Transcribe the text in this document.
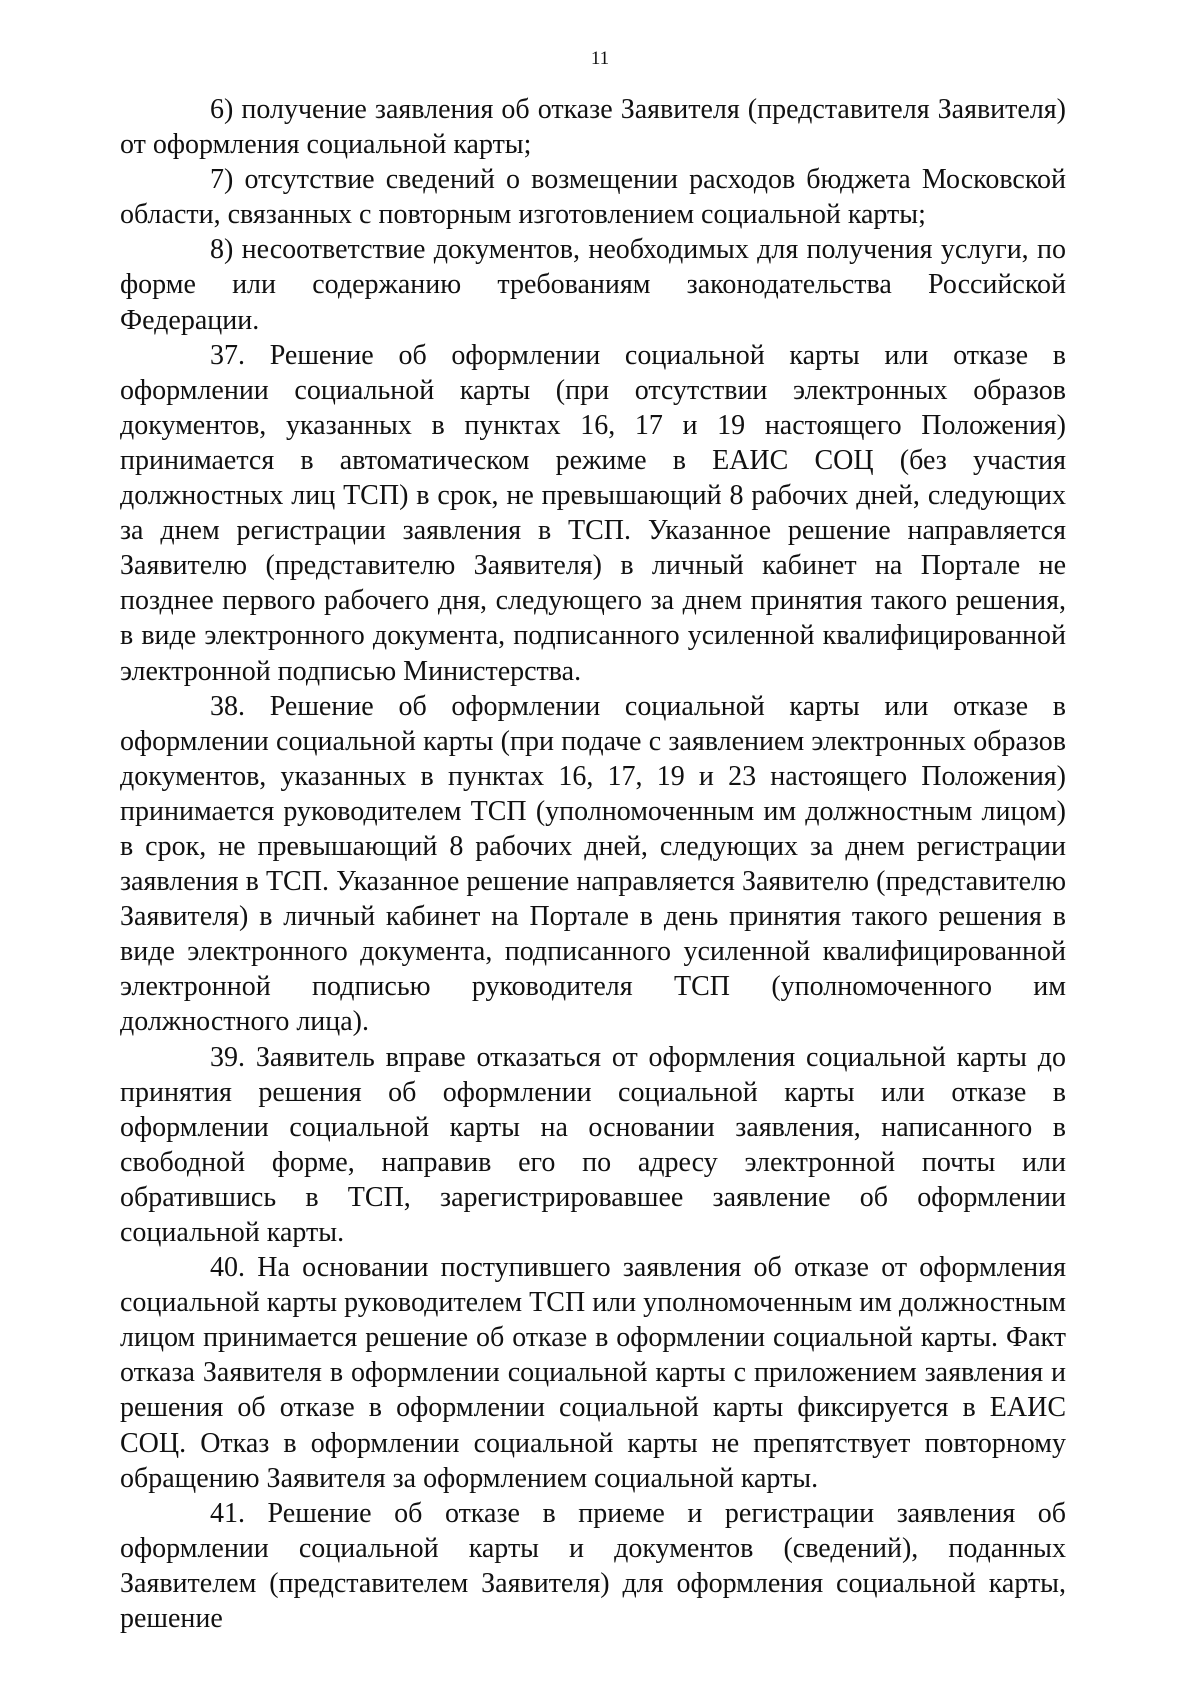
11

6) получение заявления об отказе Заявителя (представителя Заявителя) от оформления социальной карты;

7) отсутствие сведений о возмещении расходов бюджета Московской области, связанных с повторным изготовлением социальной карты;

8) несоответствие документов, необходимых для получения услуги, по форме или содержанию требованиям законодательства Российской Федерации.

37. Решение об оформлении социальной карты или отказе в оформлении социальной карты (при отсутствии электронных образов документов, указанных в пунктах 16, 17 и 19 настоящего Положения) принимается в автоматическом режиме в ЕАИС СОЦ (без участия должностных лиц ТСП) в срок, не превышающий 8 рабочих дней, следующих за днем регистрации заявления в ТСП. Указанное решение направляется Заявителю (представителю Заявителя) в личный кабинет на Портале не позднее первого рабочего дня, следующего за днем принятия такого решения, в виде электронного документа, подписанного усиленной квалифицированной электронной подписью Министерства.

38. Решение об оформлении социальной карты или отказе в оформлении социальной карты (при подаче с заявлением электронных образов документов, указанных в пунктах 16, 17, 19 и 23 настоящего Положения) принимается руководителем ТСП (уполномоченным им должностным лицом) в срок, не превышающий 8 рабочих дней, следующих за днем регистрации заявления в ТСП. Указанное решение направляется Заявителю (представителю Заявителя) в личный кабинет на Портале в день принятия такого решения в виде электронного документа, подписанного усиленной квалифицированной электронной подписью руководителя ТСП (уполномоченного им должностного лица).

39. Заявитель вправе отказаться от оформления социальной карты до принятия решения об оформлении социальной карты или отказе в оформлении социальной карты на основании заявления, написанного в свободной форме, направив его по адресу электронной почты или обратившись в ТСП, зарегистрировавшее заявление об оформлении социальной карты.

40. На основании поступившего заявления об отказе от оформления социальной карты руководителем ТСП или уполномоченным им должностным лицом принимается решение об отказе в оформлении социальной карты. Факт отказа Заявителя в оформлении социальной карты с приложением заявления и решения об отказе в оформлении социальной карты фиксируется в ЕАИС СОЦ. Отказ в оформлении социальной карты не препятствует повторному обращению Заявителя за оформлением социальной карты.

41. Решение об отказе в приеме и регистрации заявления об оформлении социальной карты и документов (сведений), поданных Заявителем (представителем Заявителя) для оформления социальной карты, решение
